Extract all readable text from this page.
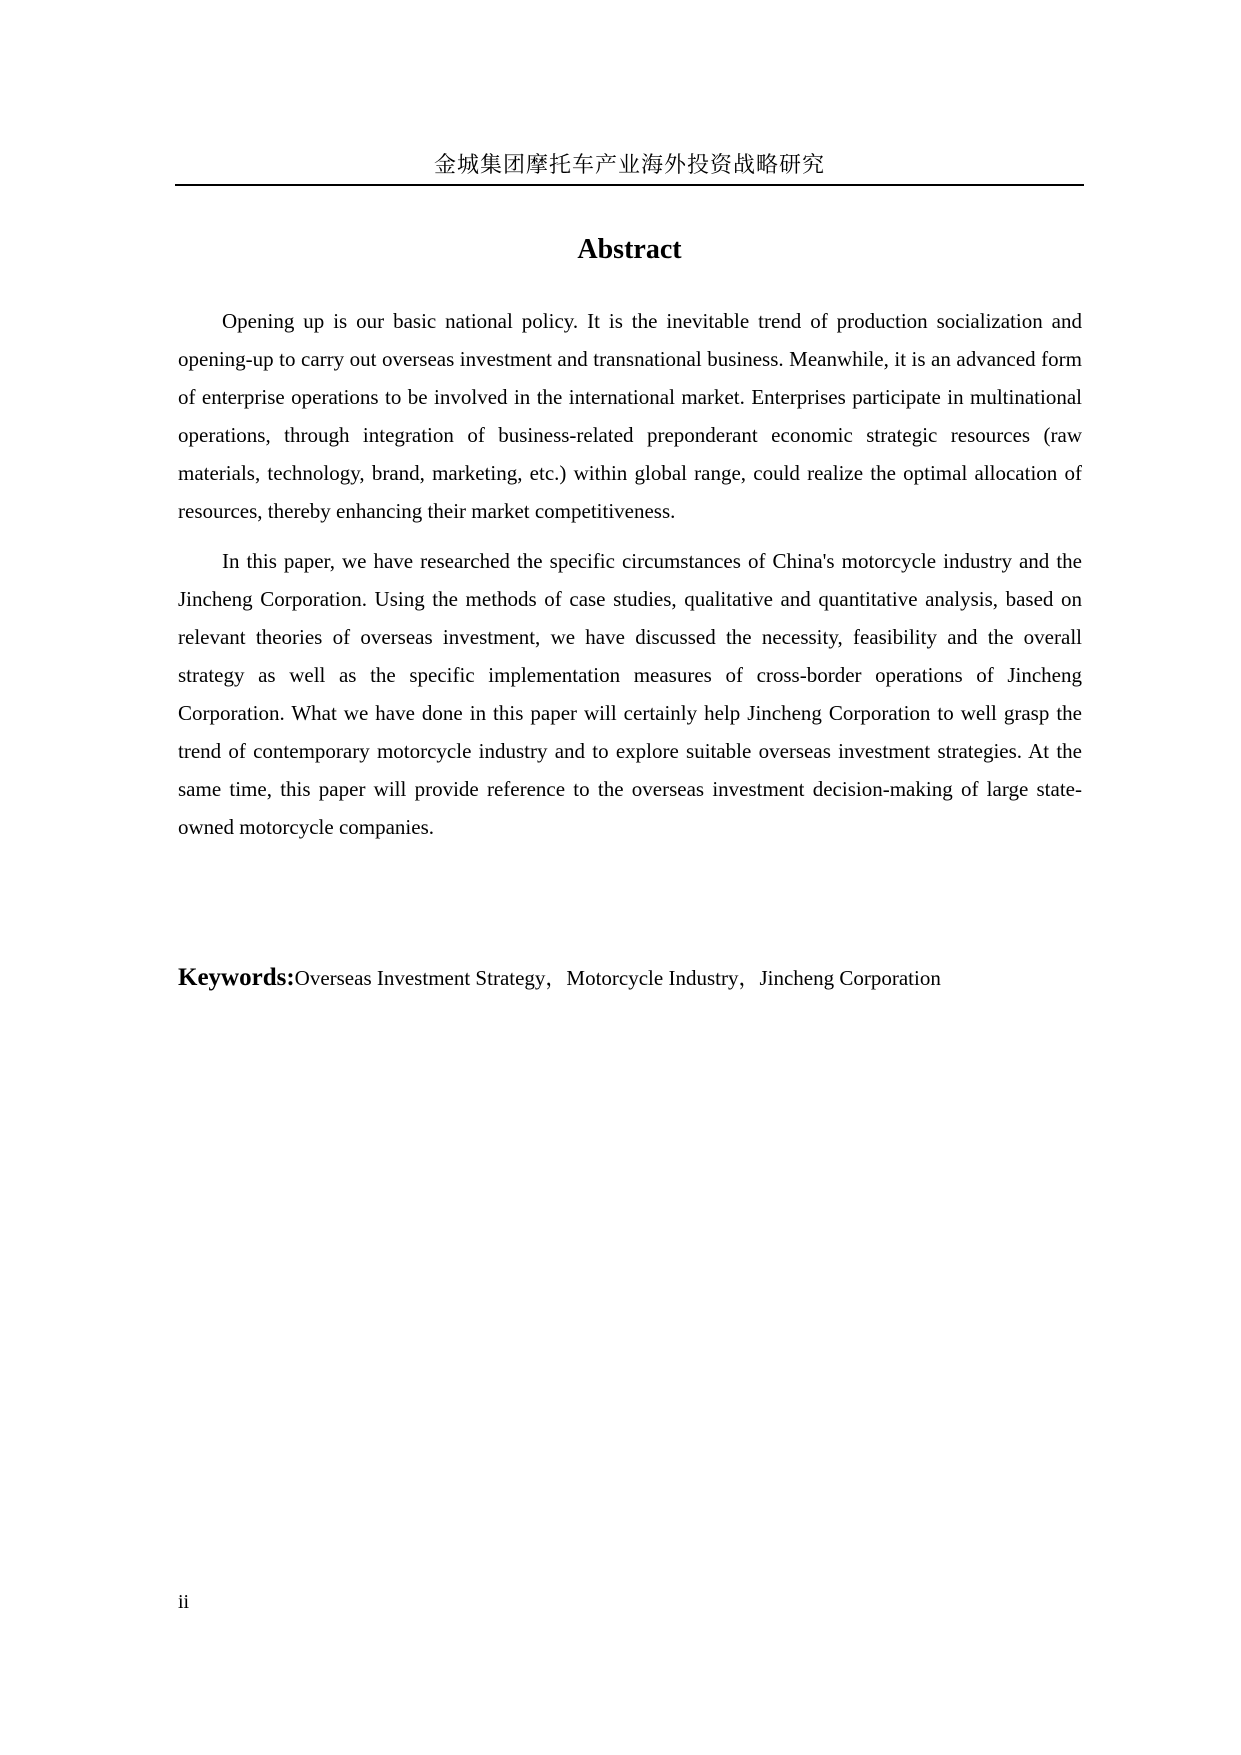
金城集团摩托车产业海外投资战略研究
Abstract

Opening up is our basic national policy. It is the inevitable trend of production socialization and opening-up to carry out overseas investment and transnational business. Meanwhile, it is an advanced form of enterprise operations to be involved in the international market. Enterprises participate in multinational operations, through integration of business-related preponderant economic strategic resources (raw materials, technology, brand, marketing, etc.) within global range, could realize the optimal allocation of resources, thereby enhancing their market competitiveness.

In this paper, we have researched the specific circumstances of China's motorcycle industry and the Jincheng Corporation. Using the methods of case studies, qualitative and quantitative analysis, based on relevant theories of overseas investment, we have discussed the necessity, feasibility and the overall strategy as well as the specific implementation measures of cross-border operations of Jincheng Corporation. What we have done in this paper will certainly help Jincheng Corporation to well grasp the trend of contemporary motorcycle industry and to explore suitable overseas investment strategies. At the same time, this paper will provide reference to the overseas investment decision-making of large state-owned motorcycle companies.

Keywords:Overseas Investment Strategy，Motorcycle Industry，Jincheng Corporation
ii
